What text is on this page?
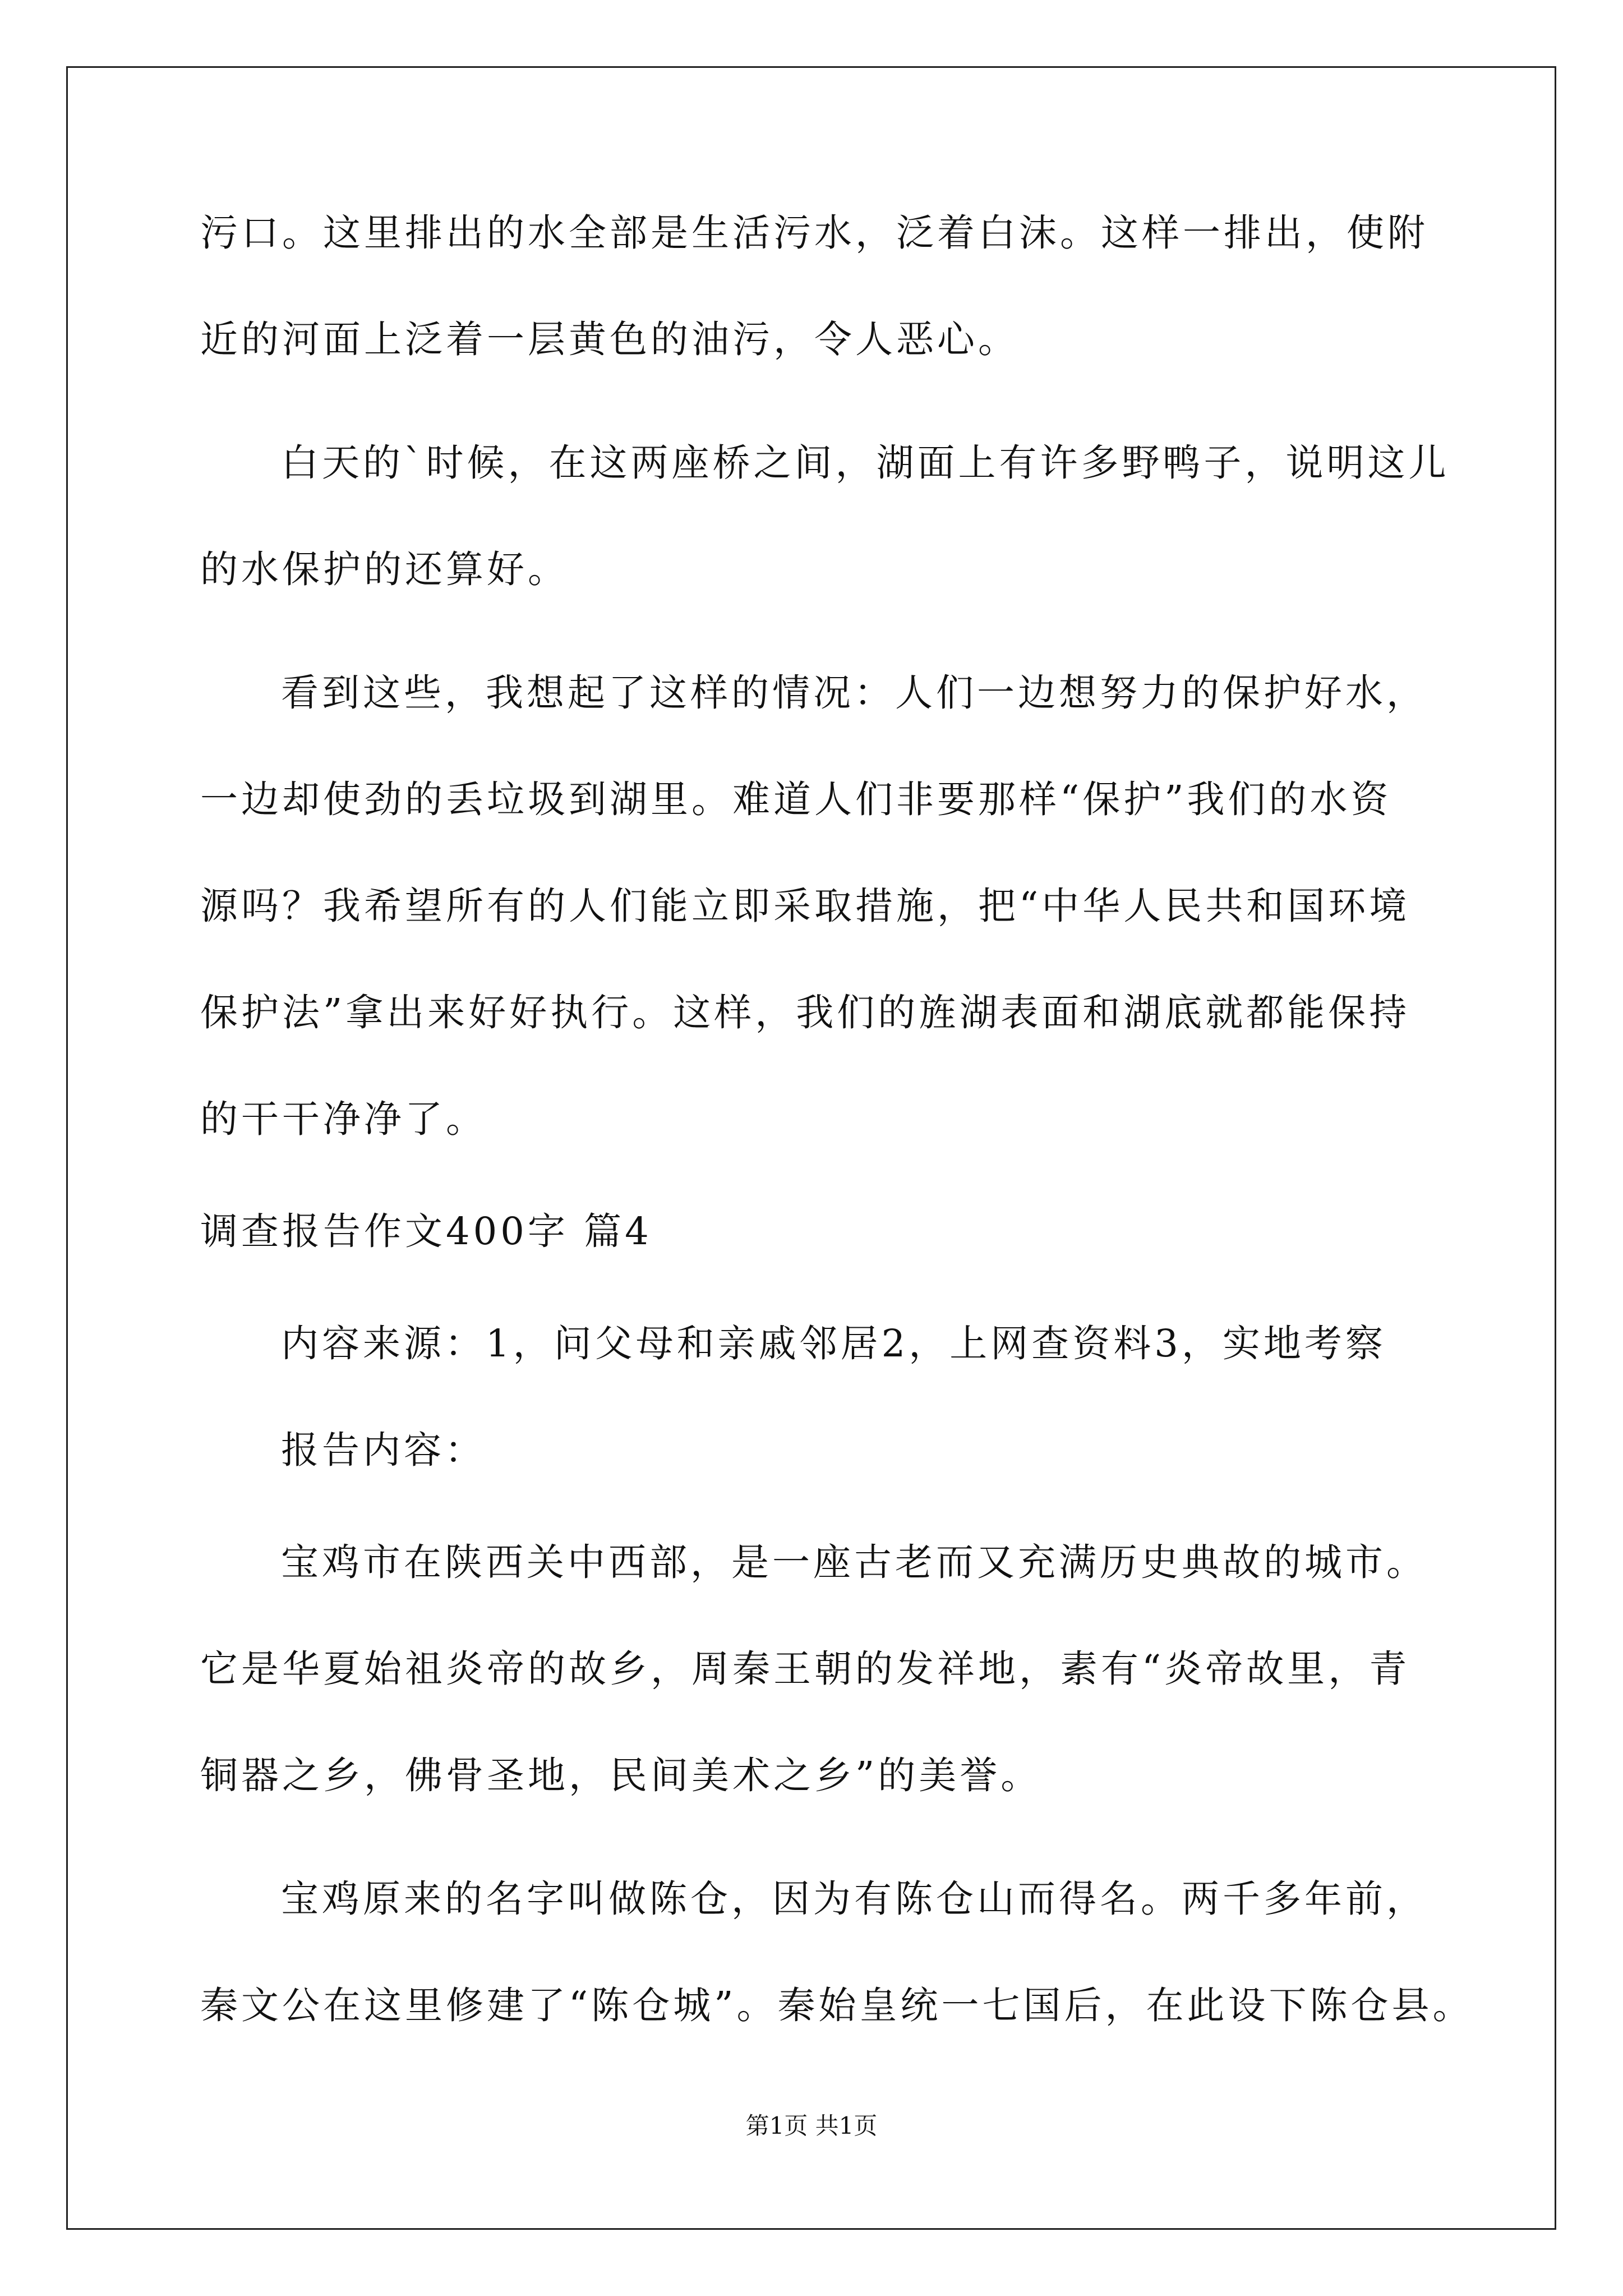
污口。这里排出的水全部是生活污水，泛着白沫。这样一排出，使附
近的河面上泛着一层黄色的油污，令人恶心。
白天的`时候，在这两座桥之间，湖面上有许多野鸭子，说明这儿
的水保护的还算好。
看到这些，我想起了这样的情况：人们一边想努力的保护好水，
一边却使劲的丢垃圾到湖里。难道人们非要那样“保护”我们的水资
源吗？我希望所有的人们能立即采取措施，把“中华人民共和国环境
保护法”拿出来好好执行。这样，我们的旌湖表面和湖底就都能保持
的干干净净了。
调查报告作文400字 篇4
内容来源：1，问父母和亲戚邻居2，上网查资料3，实地考察
报告内容：
宝鸡市在陕西关中西部，是一座古老而又充满历史典故的城市。
它是华夏始祖炎帝的故乡，周秦王朝的发祥地，素有“炎帝故里，青
铜器之乡，佛骨圣地，民间美术之乡”的美誉。
宝鸡原来的名字叫做陈仓，因为有陈仓山而得名。两千多年前，
秦文公在这里修建了“陈仓城”。秦始皇统一七国后，在此设下陈仓县。
第1页 共1页
